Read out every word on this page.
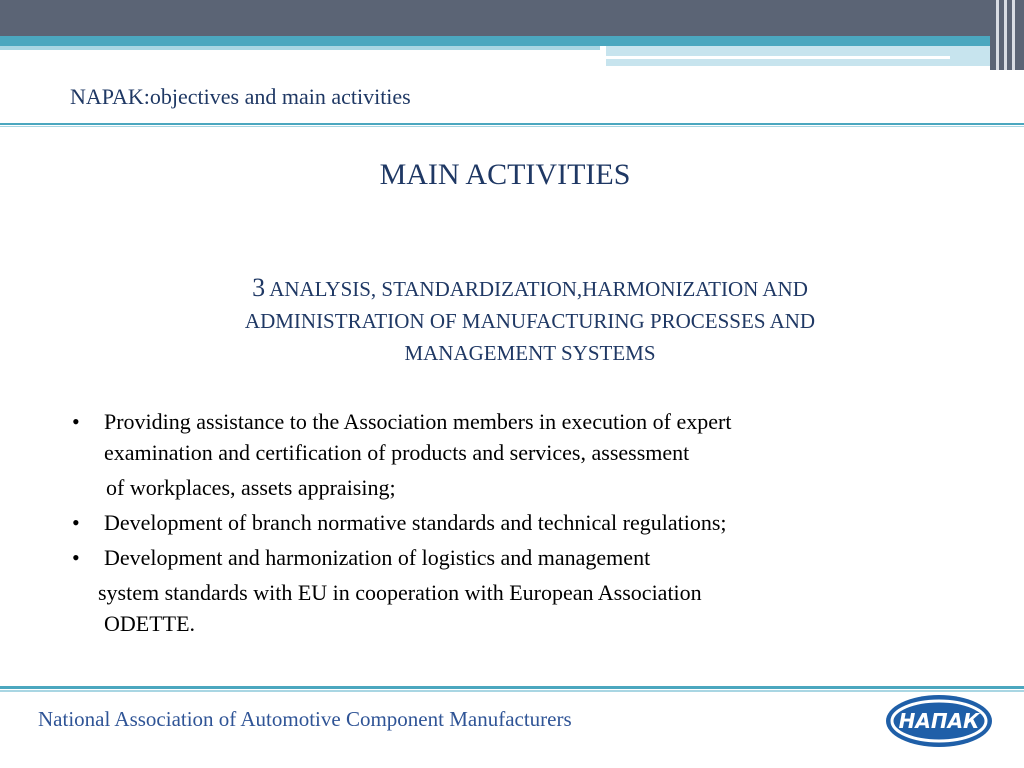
NAPAK:objectives and main activities
MAIN ACTIVITIES
3 ANALYSIS, STANDARDIZATION,HARMONIZATION AND
ADMINISTRATION OF MANUFACTURING PROCESSES AND
MANAGEMENT SYSTEMS
• Providing assistance to the Association members in execution of expert
examination and certification of products and services, assessment
of workplaces, assets appraising;
• Development of branch normative standards and technical regulations;
• Development and harmonization of logistics and management
system standards with EU in cooperation with European Association
ODETTE.
National Association of Automotive Component Manufacturers	НАПАК
